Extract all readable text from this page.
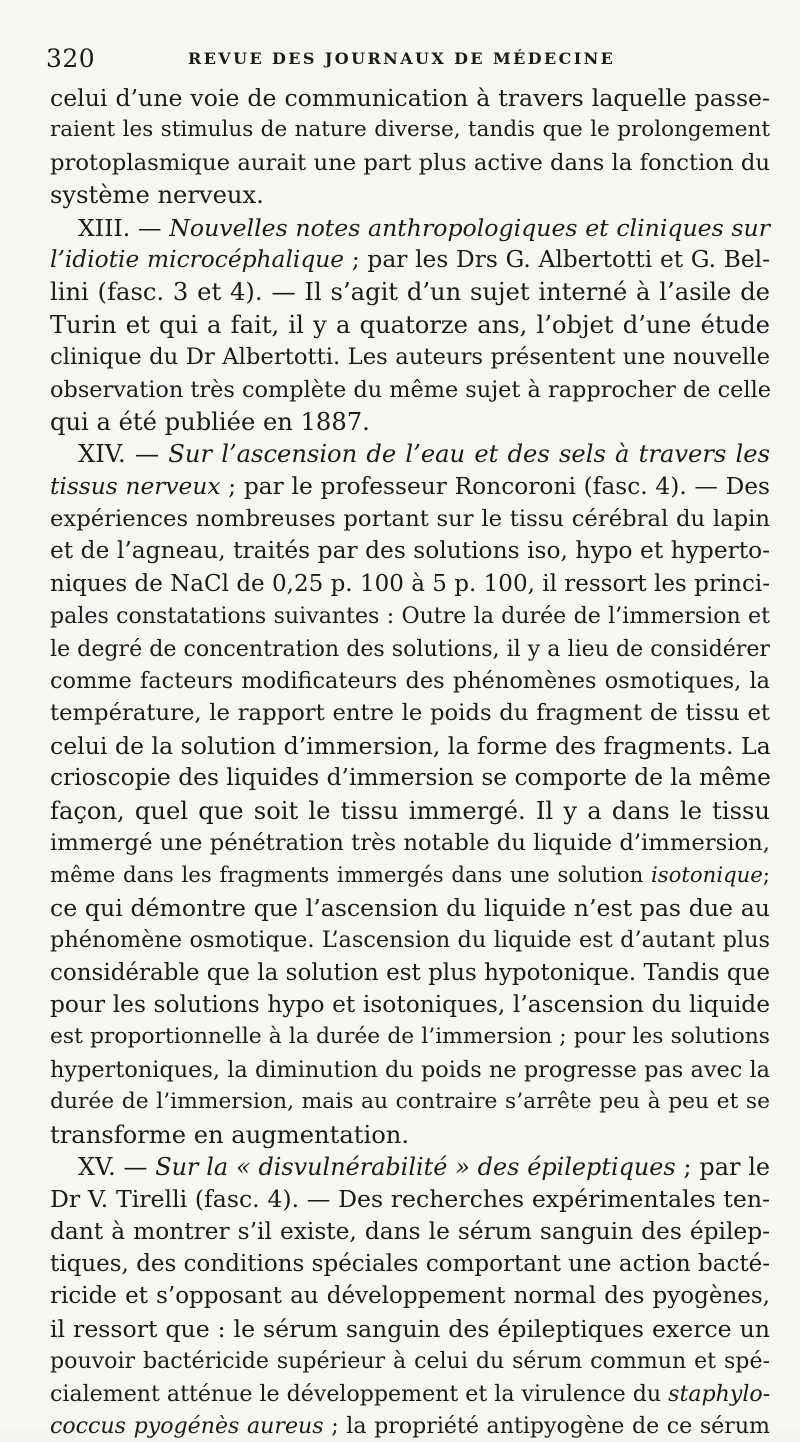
320	REVUE DES JOURNAUX DE MÉDECINE
celui d’une voie de communication à travers laquelle passe-
raient les stimulus de nature diverse, tandis que le prolongement
protoplasmique aurait une part plus active dans la fonction du
système nerveux.
XIII. — Nouvelles notes anthropologiques et cliniques sur
l’idiotie microcéphalique ; par les Drs G. Albertotti et G. Bel-
lini (fasc. 3 et 4). — Il s’agit d’un sujet interné à l’asile de
Turin et qui a fait, il y a quatorze ans, l’objet d’une étude
clinique du Dr Albertotti. Les auteurs présentent une nouvelle
observation très complète du même sujet à rapprocher de celle
qui a été publiée en 1887.
XIV. — Sur l’ascension de l’eau et des sels à travers les
tissus nerveux ; par le professeur Roncoroni (fasc. 4). — Des
expériences nombreuses portant sur le tissu cérébral du lapin
et de l’agneau, traités par des solutions iso, hypo et hyperto-
niques de NaCl de 0,25 p. 100 à 5 p. 100, il ressort les princi-
pales constatations suivantes : Outre la durée de l’immersion et
le degré de concentration des solutions, il y a lieu de considérer
comme facteurs modificateurs des phénomènes osmotiques, la
température, le rapport entre le poids du fragment de tissu et
celui de la solution d’immersion, la forme des fragments. La
crioscopie des liquides d’immersion se comporte de la même
façon, quel que soit le tissu immergé. Il y a dans le tissu
immergé une pénétration très notable du liquide d’immersion,
même dans les fragments immergés dans une solution isotonique;
ce qui démontre que l’ascension du liquide n’est pas due au
phénomène osmotique. L’ascension du liquide est d’autant plus
considérable que la solution est plus hypotonique. Tandis que
pour les solutions hypo et isotoniques, l’ascension du liquide
est proportionnelle à la durée de l’immersion ; pour les solutions
hypertoniques, la diminution du poids ne progresse pas avec la
durée de l’immersion, mais au contraire s’arrête peu à peu et se
transforme en augmentation.
XV. — Sur la « disvulnérabilité » des épileptiques ; par le
Dr V. Tirelli (fasc. 4). — Des recherches expérimentales ten-
dant à montrer s’il existe, dans le sérum sanguin des épilep-
tiques, des conditions spéciales comportant une action bacté-
ricide et s’opposant au développement normal des pyogènes,
il ressort que : le sérum sanguin des épileptiques exerce un
pouvoir bactéricide supérieur à celui du sérum commun et spé-
cialement atténue le développement et la virulence du staphylo-
coccus pyogénès aureus ; la propriété antipyogène de ce sérum
